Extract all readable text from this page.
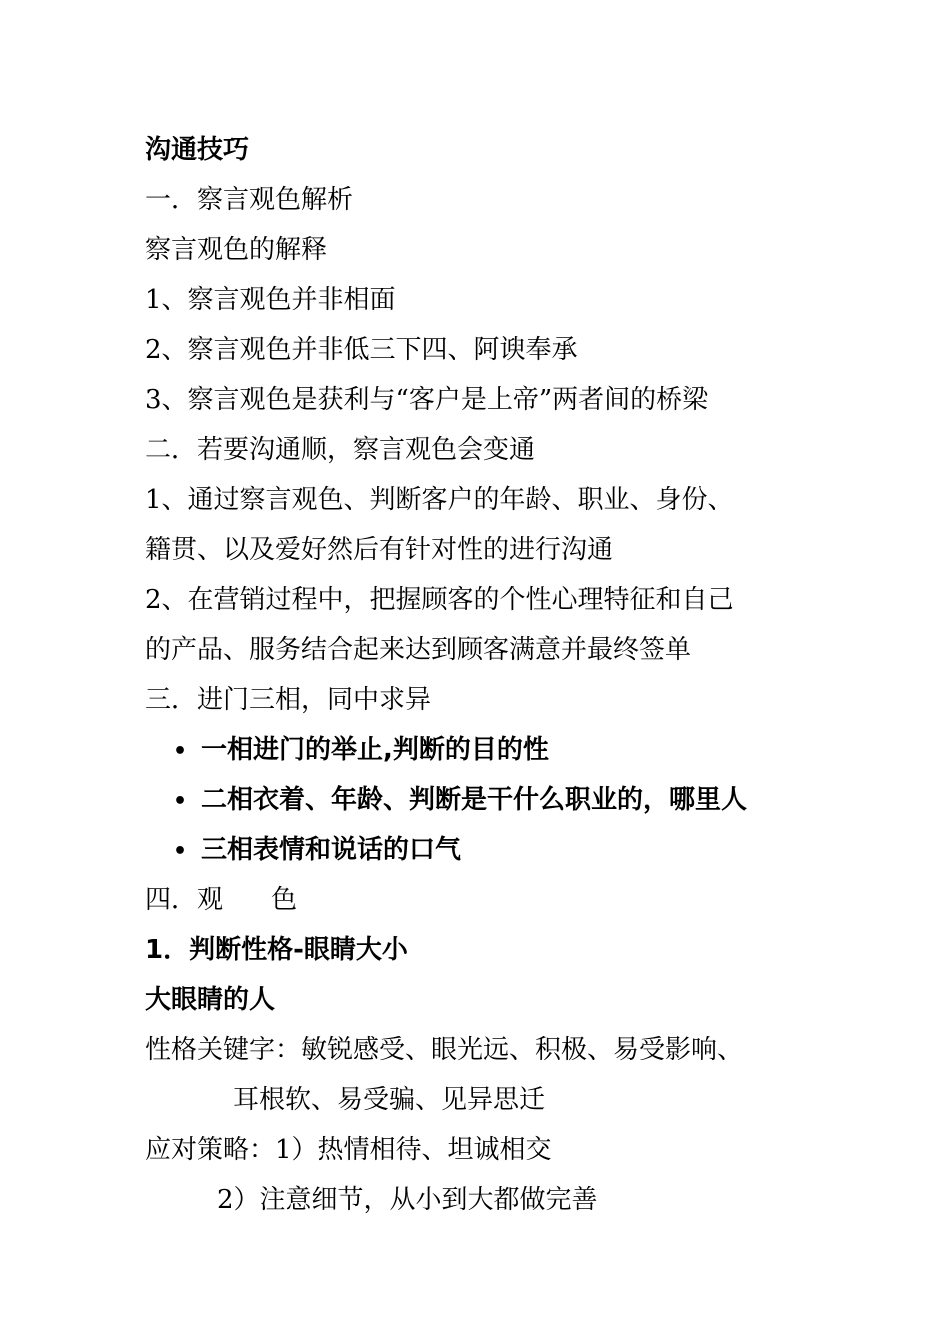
沟通技巧
一．察言观色解析
察言观色的解释
1、察言观色并非相面
2、察言观色并非低三下四、阿谀奉承
3、察言观色是获利与“客户是上帝”两者间的桥梁
二．若要沟通顺，察言观色会变通
1、通过察言观色、判断客户的年龄、职业、身份、
籍贯、以及爱好然后有针对性的进行沟通
2、在营销过程中，把握顾客的个性心理特征和自己
的产品、服务结合起来达到顾客满意并最终签单
三．进门三相，同中求异
• 一相进门的举止,判断的目的性
• 二相衣着、年龄、判断是干什么职业的，哪里人
• 三相表情和说话的口气
四．观 色
1．判断性格-眼睛大小
大眼睛的人
性格关键字：敏锐感受、眼光远、积极、易受影响、
耳根软、易受骗、见异思迁
应对策略：1）热情相待、坦诚相交
2）注意细节，从小到大都做完善
